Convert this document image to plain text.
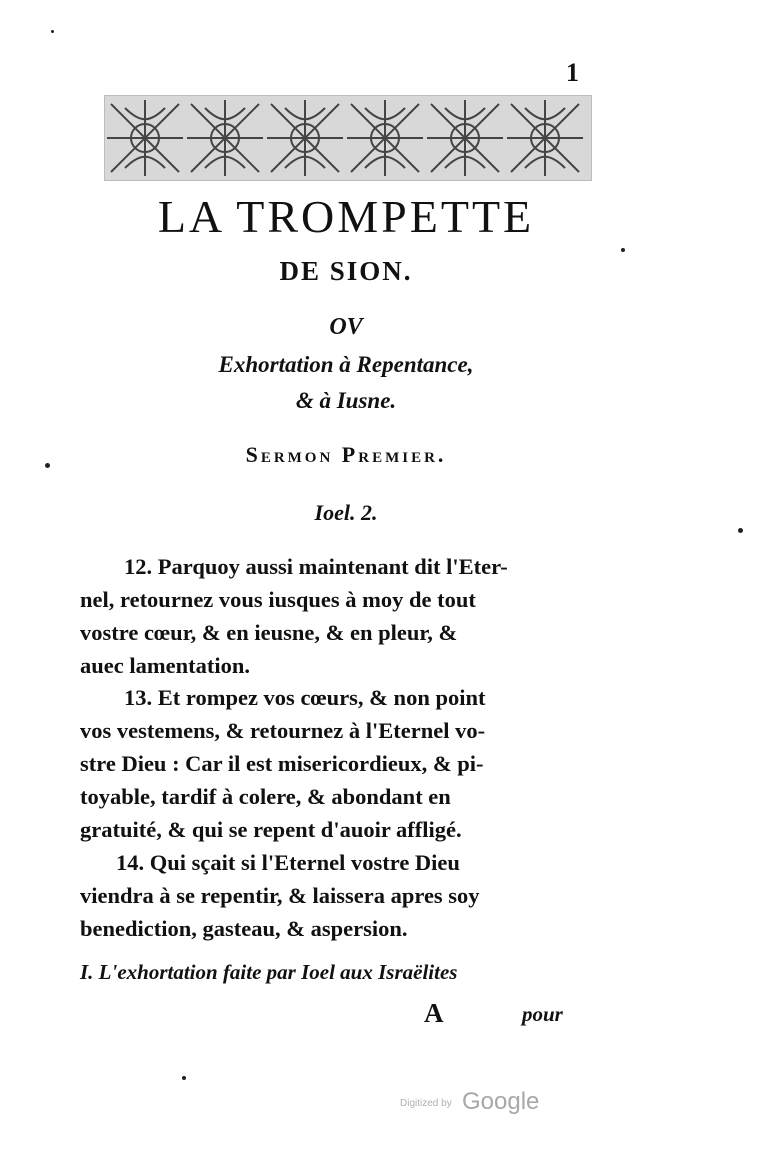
1
LA TROMPETTE
DE SION.
OV
Exhortation à Repentance,
& à Iusne.
Sermon Premier.
Ioel. 2.
12. Parquoy aussi maintenant dit l'Eter-
nel, retournez vous iusques à moy de tout
vostre cœur, & en ieusne, & en pleur, &
auec lamentation.
13. Et rompez vos cœurs, & non point
vos vestemens, & retournez à l'Eternel vo-
stre Dieu : Car il est misericordieux, & pi-
toyable, tardif à colere, & abondant en
gratuité, & qui se repent d'auoir affligé.
14. Qui sçait si l'Eternel vostre Dieu
viendra à se repentir, & laissera apres soy
benediction, gasteau, & aspersion.
I. L'exhortation faite par Ioel aux Israëlites
A	pour
Digitized by Google
